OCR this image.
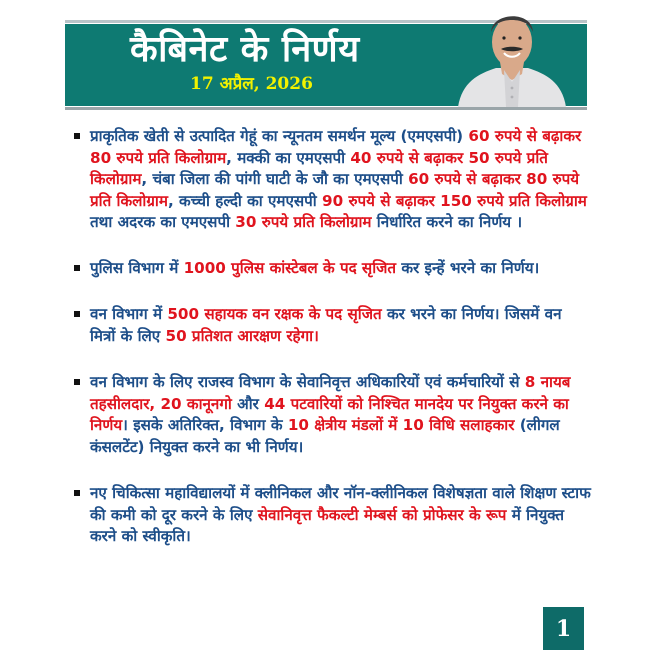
कैबिनेट के निर्णय
17 अप्रैल, 2026
प्राकृतिक खेती से उत्पादित गेहूं का न्यूनतम समर्थन मूल्य (एमएसपी) 60 रुपये से बढ़ाकर 80 रुपये प्रति किलोग्राम, मक्की का एमएसपी 40 रुपये से बढ़ाकर 50 रुपये प्रति किलोग्राम, चंबा जिला की पांगी घाटी के जौ का एमएसपी 60 रुपये से बढ़ाकर 80 रुपये प्रति किलोग्राम, कच्ची हल्दी का एमएसपी 90 रुपये से बढ़ाकर 150 रुपये प्रति किलोग्राम तथा अदरक का एमएसपी 30 रुपये प्रति किलोग्राम निर्धारित करने का निर्णय ।
पुलिस विभाग में 1000 पुलिस कांस्टेबल के पद सृजित कर इन्हें भरने का निर्णय।
वन विभाग में 500 सहायक वन रक्षक के पद सृजित कर भरने का निर्णय। जिसमें वन मित्रों के लिए 50 प्रतिशत आरक्षण रहेगा।
वन विभाग के लिए राजस्व विभाग के सेवानिवृत्त अधिकारियों एवं कर्मचारियों से 8 नायब तहसीलदार, 20 कानूनगो और 44 पटवारियों को निश्चित मानदेय पर नियुक्त करने का निर्णय। इसके अतिरिक्त, विभाग के 10 क्षेत्रीय मंडलों में 10 विधि सलाहकार (लीगल कंसलटेंट) नियुक्त करने का भी निर्णय।
नए चिकित्सा महाविद्यालयों में क्लीनिकल और नॉन-क्लीनिकल विशेषज्ञता वाले शिक्षण स्टाफ की कमी को दूर करने के लिए सेवानिवृत्त फैकल्टी मेम्बर्स को प्रोफेसर के रूप में नियुक्त करने को स्वीकृति।
1
